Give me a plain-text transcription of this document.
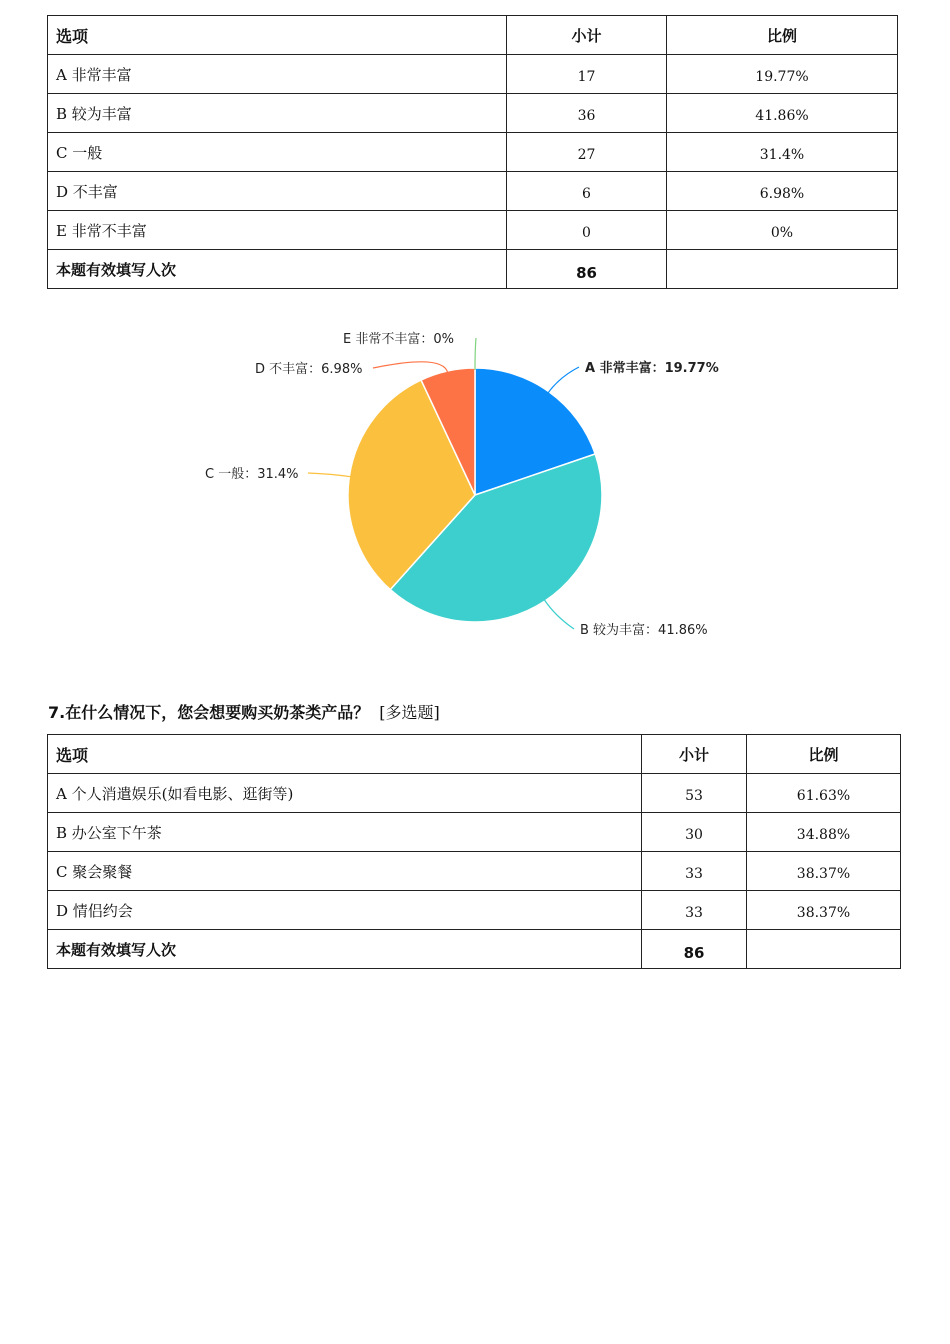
选项	小计	比例
A 非常丰富	17	19.77%
B 较为丰富	36	41.86%
C 一般	27	31.4%
D 不丰富	6	6.98%
E 非常不丰富	0	0%
本题有效填写人次	86	
A 非常丰富：19.77%
B 较为丰富：41.86%
C 一般：31.4%
D 不丰富：6.98%
E 非常不丰富：0%
7.在什么情况下，您会想要购买奶茶类产品？ [多选题]
选项	小计	比例
A 个人消遣娱乐(如看电影、逛街等)	53	61.63%
B 办公室下午茶	30	34.88%
C 聚会聚餐	33	38.37%
D 情侣约会	33	38.37%
本题有效填写人次	86	
